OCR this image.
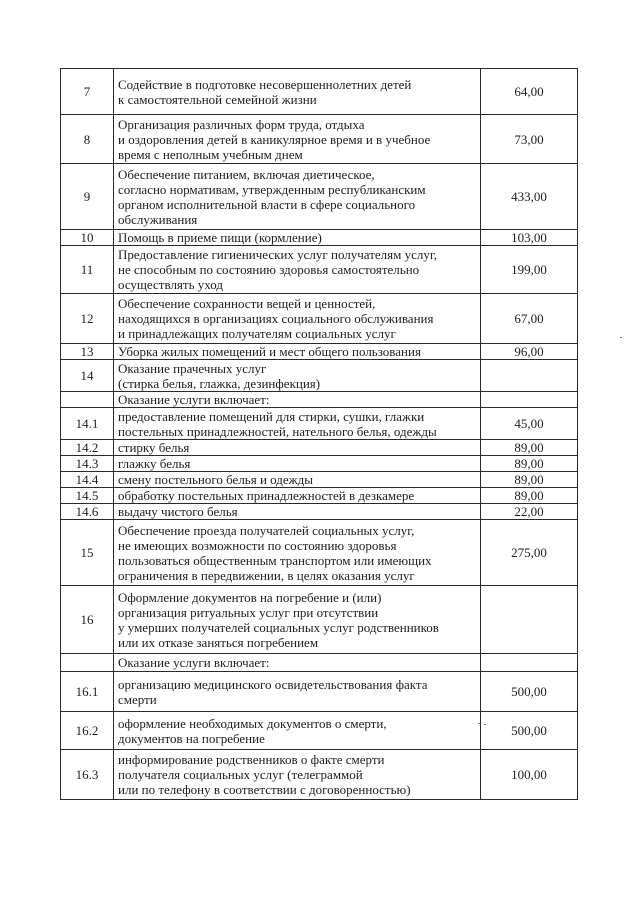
7	Содействие в подготовке несовершеннолетних детей
к самостоятельной семейной жизни	64,00
8	Организация различных форм труда, отдыха
и оздоровления детей в каникулярное время и в учебное
время с неполным учебным днем	73,00
9	Обеспечение питанием, включая диетическое,
согласно нормативам, утвержденным республиканским
органом исполнительной власти в сфере социального
обслуживания	433,00
10	Помощь в приеме пищи (кормление)	103,00
11	Предоставление гигиенических услуг получателям услуг,
не способным по состоянию здоровья самостоятельно
осуществлять уход	199,00
12	Обеспечение сохранности вещей и ценностей,
находящихся в организациях социального обслуживания
и принадлежащих получателям социальных услуг	67,00
13	Уборка жилых помещений и мест общего пользования	96,00
14	Оказание прачечных услуг
(стирка белья, глажка, дезинфекция)	
	Оказание услуги включает:	
14.1	предоставление помещений для стирки, сушки, глажки
постельных принадлежностей, нательного белья, одежды	45,00
14.2	стирку белья	89,00
14.3	глажку белья	89,00
14.4	смену постельного белья и одежды	89,00
14.5	обработку постельных принадлежностей в дезкамере	89,00
14.6	выдачу чистого белья	22,00
15	Обеспечение проезда получателей социальных услуг,
не имеющих возможности по состоянию здоровья
пользоваться общественным транспортом или имеющих
ограничения в передвижении, в целях оказания услуг	275,00
16	Оформление документов на погребение и (или)
организация ритуальных услуг при отсутствии
у умерших получателей социальных услуг родственников
или их отказе заняться погребением	
	Оказание услуги включает:	
16.1	организацию медицинского освидетельствования факта
смерти	500,00
16.2	оформление необходимых документов о смерти,
документов на погребение	500,00
16.3	информирование родственников о факте смерти
получателя социальных услуг (телеграммой
или по телефону в соответствии с договоренностью)	100,00
